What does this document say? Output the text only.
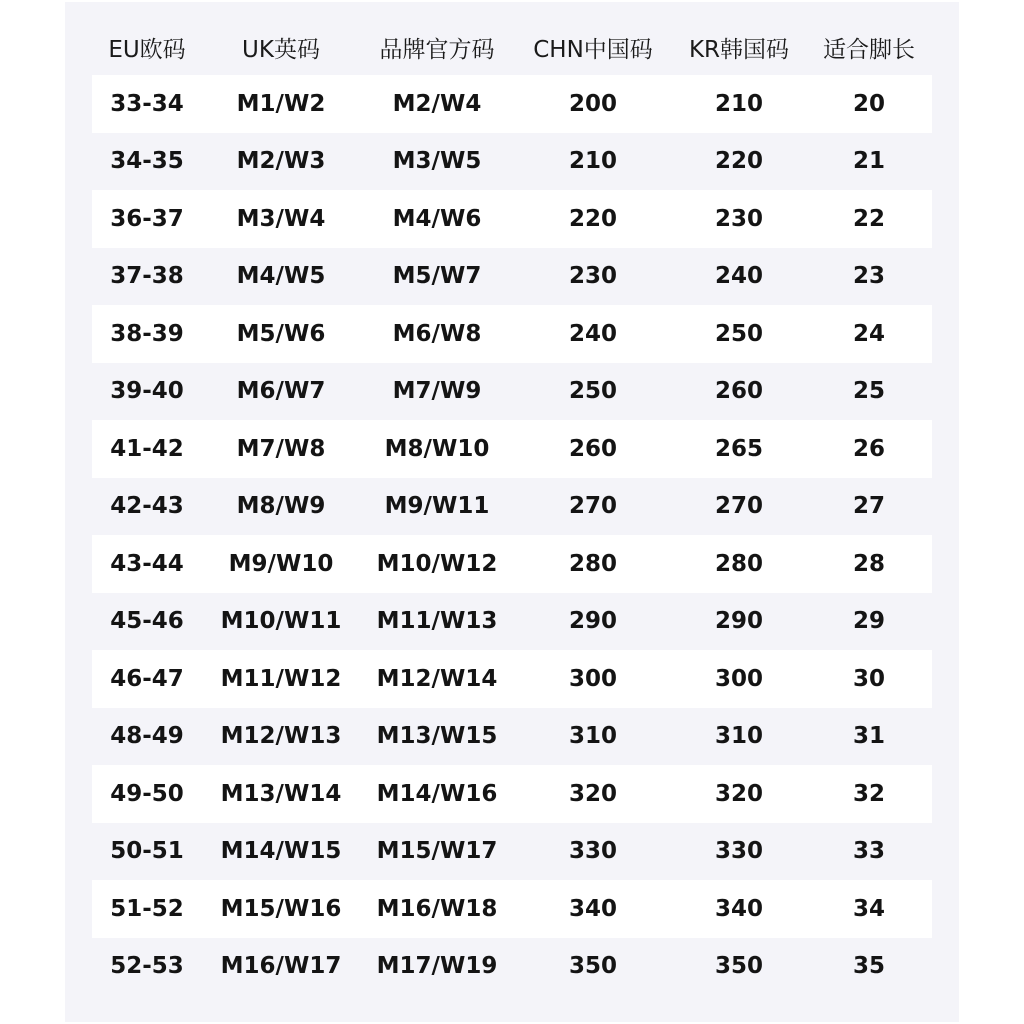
EU欧码	UK英码	品牌官方码	CHN中国码	KR韩国码	适合脚长
33-34	M1/W2	M2/W4	200	210	20
34-35	M2/W3	M3/W5	210	220	21
36-37	M3/W4	M4/W6	220	230	22
37-38	M4/W5	M5/W7	230	240	23
38-39	M5/W6	M6/W8	240	250	24
39-40	M6/W7	M7/W9	250	260	25
41-42	M7/W8	M8/W10	260	265	26
42-43	M8/W9	M9/W11	270	270	27
43-44	M9/W10	M10/W12	280	280	28
45-46	M10/W11	M11/W13	290	290	29
46-47	M11/W12	M12/W14	300	300	30
48-49	M12/W13	M13/W15	310	310	31
49-50	M13/W14	M14/W16	320	320	32
50-51	M14/W15	M15/W17	330	330	33
51-52	M15/W16	M16/W18	340	340	34
52-53	M16/W17	M17/W19	350	350	35
